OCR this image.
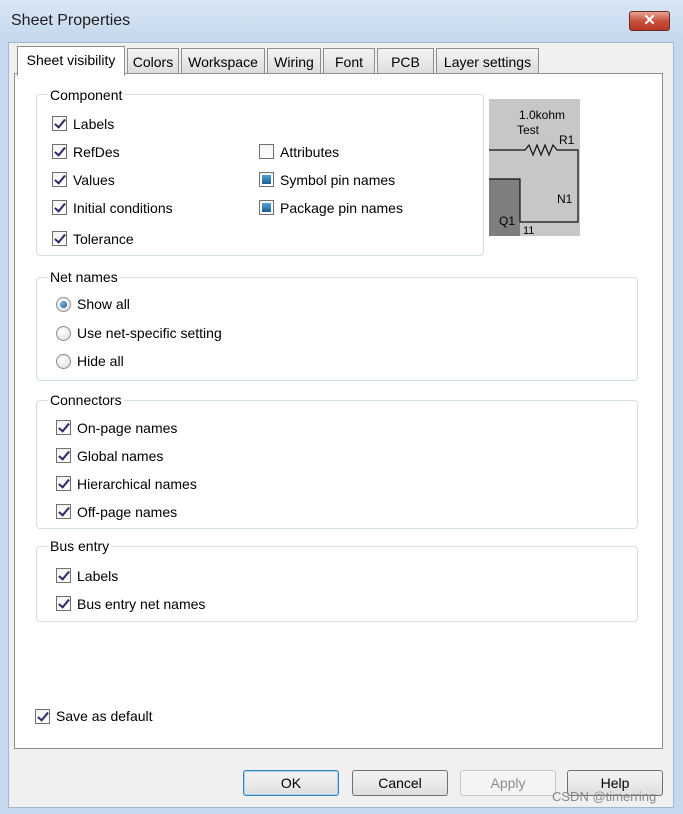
Sheet Properties	✕
Sheet visibility	Colors	Workspace	Wiring	Font	PCB	Layer settings
Component
Labels
RefDes
Values
Initial conditions
Tolerance
Attributes
Symbol pin names
Package pin names
1.0kohm
Test
R1
N1
Q1
11
Net names
Show all
Use net-specific setting
Hide all
Connectors
On-page names
Global names
Hierarchical names
Off-page names
Bus entry
Labels
Bus entry net names
Save as default
OK	Cancel	Apply	Help
CSDN @timerring
